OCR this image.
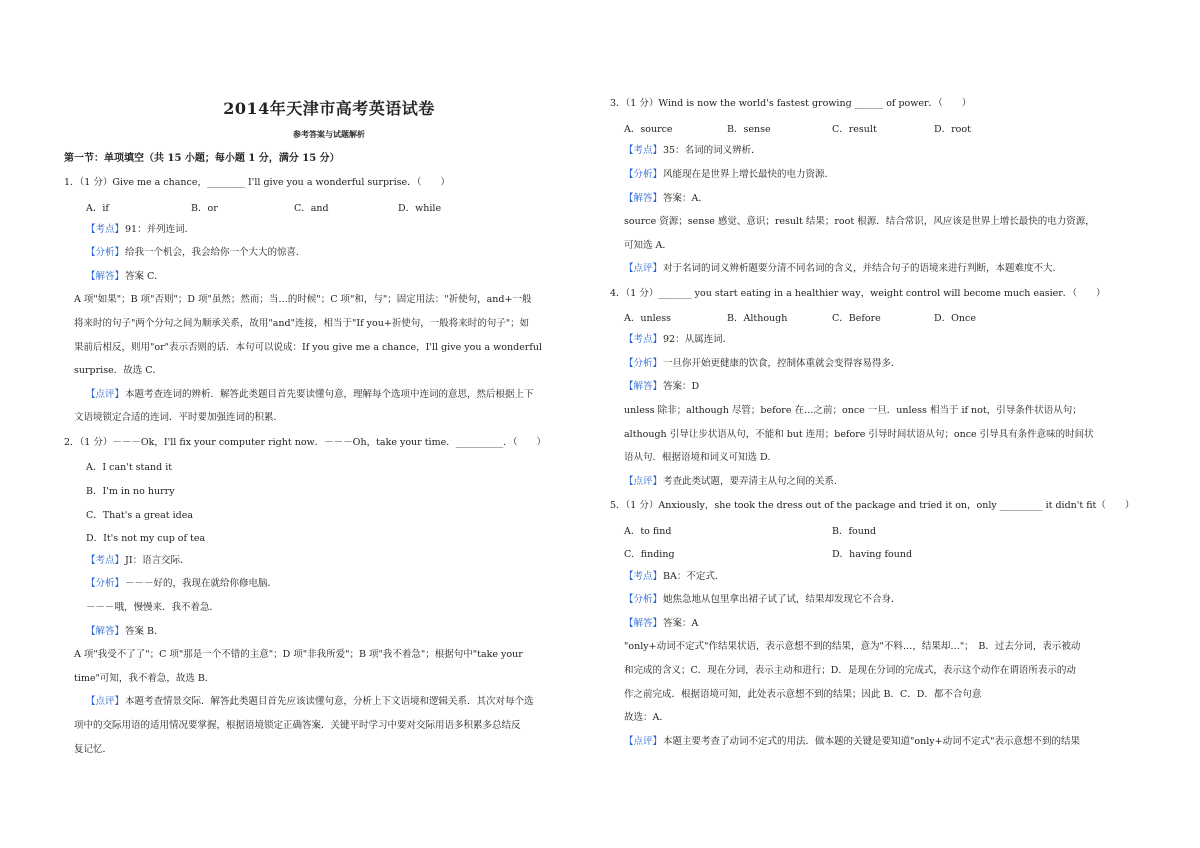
2014年天津市高考英语试卷
参考答案与试题解析
第一节：单项填空（共 15 小题；每小题 1 分，满分 15 分）
1．（1 分）Give me a chance，________ I'll give you a wonderful surprise．（　　）
A．if	B．or	C．and	D．while
【考点】91：并列连词．
【分析】给我一个机会，我会给你一个大大的惊喜．
【解答】答案 C．
A 项"如果"；B 项"否则"；D 项"虽然；然而；当…的时候"；C 项"和，与"；固定用法："祈使句，and+一般
将来时的句子"两个分句之间为顺承关系，故用"and"连接，相当于"If you+祈使句，一般将来时的句子"；如
果前后相反，则用"or"表示否则的话．本句可以说成：If you give me a chance，I'll give you a wonderful
surprise．故选 C．
【点评】本题考查连词的辨析．解答此类题目首先要读懂句意，理解每个选项中连词的意思，然后根据上下
文语境锁定合适的连词．平时要加强连词的积累．
2．（1 分）－－－Ok，I'll fix your computer right now．－－－Oh，take your time．__________．（　　）
A．I can't stand it
B．I'm in no hurry
C．That's a great idea
D．It's not my cup of tea
【考点】JI：语言交际．
【分析】－－－好的，我现在就给你修电脑．
－－－哦，慢慢来．我不着急．
【解答】答案 B．
A 项"我受不了了"；C 项"那是一个不错的主意"；D 项"非我所爱"；B 项"我不着急"；根据句中"take your
time"可知，我不着急，故选 B．
【点评】本题考查情景交际．解答此类题目首先应该读懂句意，分析上下文语境和逻辑关系．其次对每个选
项中的交际用语的适用情况要掌握，根据语境锁定正确答案．关键平时学习中要对交际用语多积累多总结反
复记忆．
3．（1 分）Wind is now the world's fastest growing ______ of power．（　　）
A．source	B．sense	C．result	D．root
【考点】35：名词的词义辨析．
【分析】风能现在是世界上增长最快的电力资源．
【解答】答案：A．
source 资源；sense 感觉、意识；result 结果；root 根源．结合常识，风应该是世界上增长最快的电力资源，
可知选 A．
【点评】对于名词的词义辨析题要分清不同名词的含义，并结合句子的语境来进行判断，本题难度不大．
4．（1 分）_______ you start eating in a healthier way，weight control will become much easier．（　　）
A．unless	B．Although	C．Before	D．Once
【考点】92：从属连词．
【分析】一旦你开始更健康的饮食，控制体重就会变得容易得多．
【解答】答案：D
unless 除非；although 尽管；before 在…之前；once 一旦．unless 相当于 if not，引导条件状语从句；
although 引导让步状语从句，不能和 but 连用；before 引导时间状语从句；once 引导具有条件意味的时间状
语从句．根据语境和词义可知选 D．
【点评】考查此类试题，要弄清主从句之间的关系．
5．（1 分）Anxiously，she took the dress out of the package and tried it on，only _________ it didn't fit（　　）
A．to find	B．found
C．finding	D．having found
【考点】BA：不定式．
【分析】她焦急地从包里拿出裙子试了试，结果却发现它不合身．
【解答】答案：A
"only+动词不定式"作结果状语，表示意想不到的结果，意为"不料…，结果却…"；　B．过去分词，表示被动
和完成的含义；C．现在分词，表示主动和进行；D．是现在分词的完成式，表示这个动作在谓语所表示的动
作之前完成．根据语境可知，此处表示意想不到的结果；因此 B．C．D．都不合句意
故选：A．
【点评】本题主要考查了动词不定式的用法．做本题的关键是要知道"only+动词不定式"表示意想不到的结果
